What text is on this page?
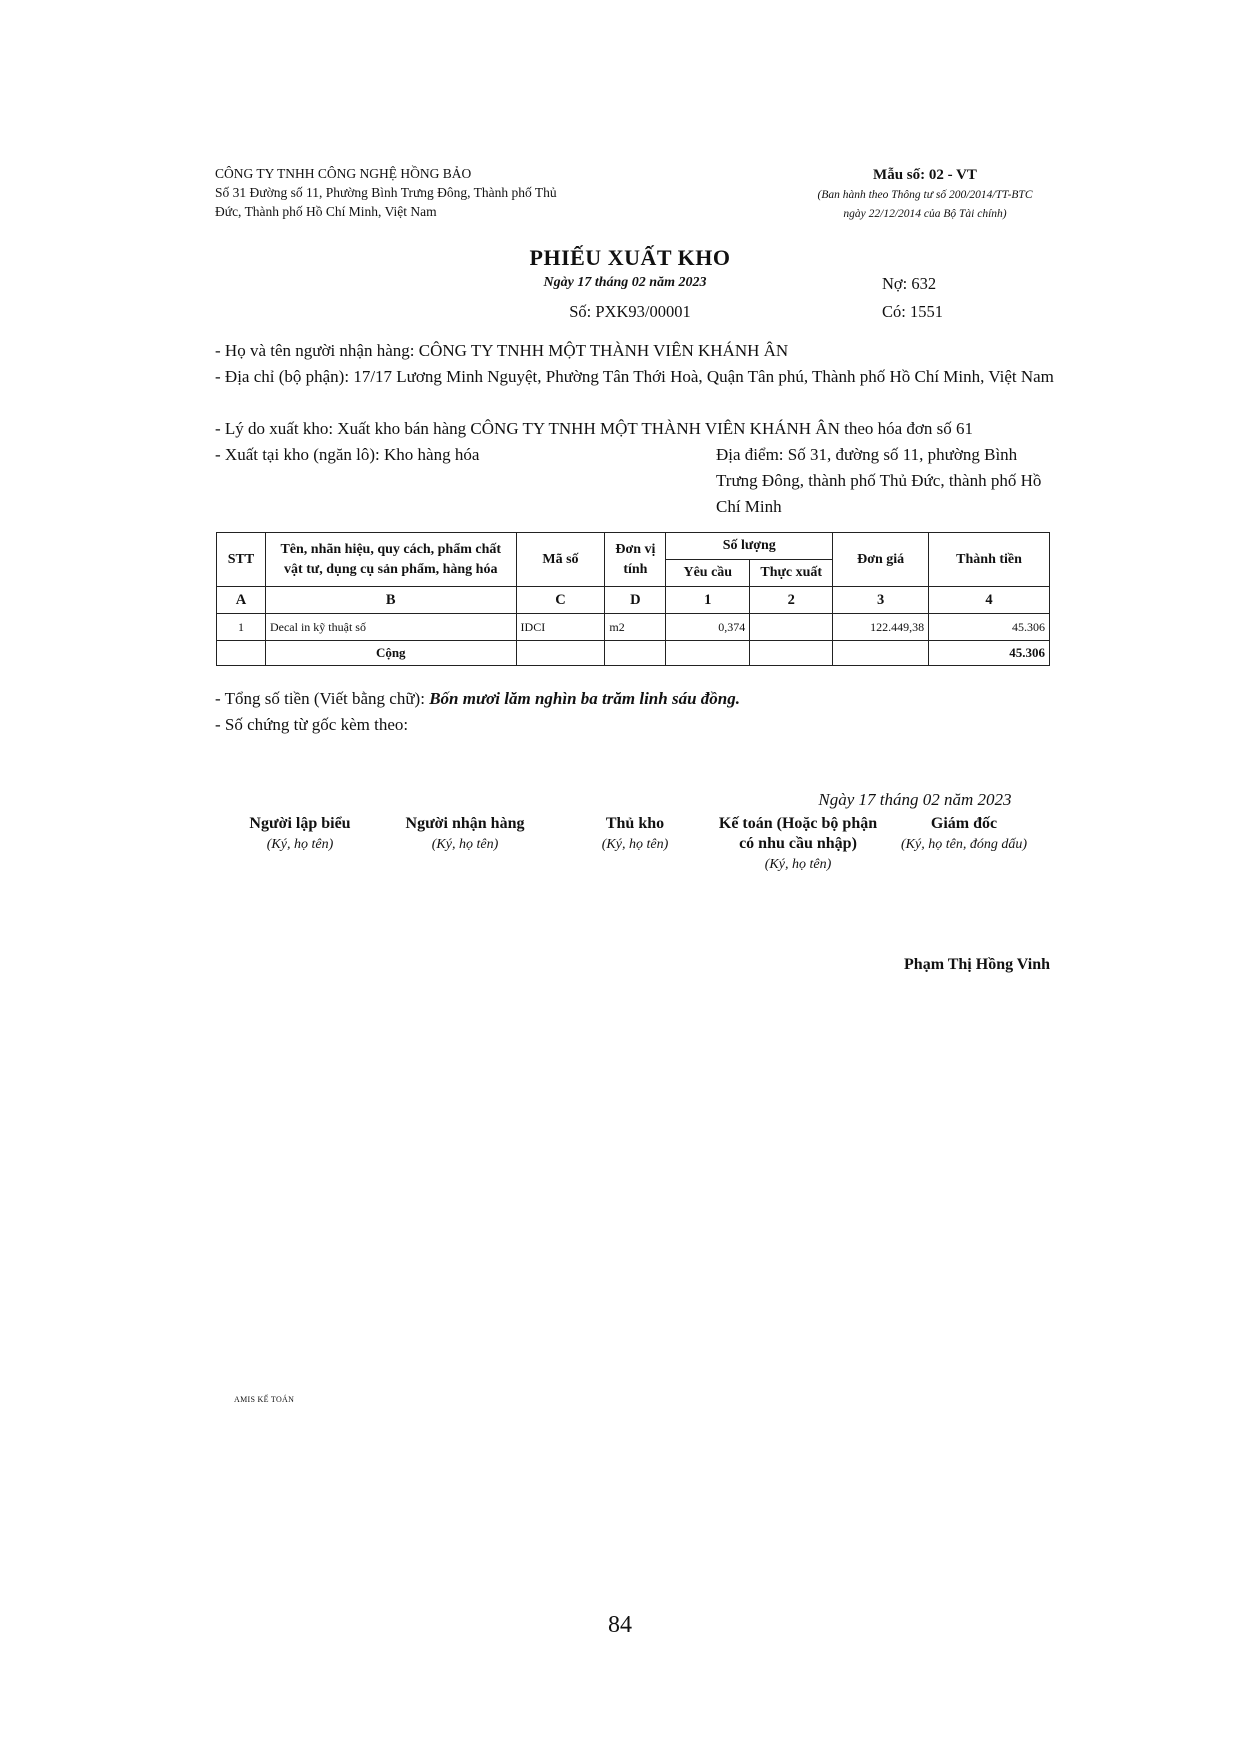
CÔNG TY TNHH CÔNG NGHỆ HỒNG BẢO
Số 31 Đường số 11, Phường Bình Trưng Đông, Thành phố Thủ
Đức, Thành phố Hồ Chí Minh, Việt Nam
Mẫu số: 02 - VT
(Ban hành theo Thông tư số 200/2014/TT-BTC
ngày 22/12/2014 của Bộ Tài chính)
PHIẾU XUẤT KHO
Ngày 17 tháng 02 năm 2023
Số: PXK93/00001
Nợ: 632
Có: 1551
- Họ và tên người nhận hàng: CÔNG TY TNHH MỘT THÀNH VIÊN KHÁNH ÂN
- Địa chỉ (bộ phận): 17/17 Lương Minh Nguyệt, Phường Tân Thới Hoà, Quận Tân phú, Thành phố Hồ Chí Minh, Việt Nam
- Lý do xuất kho: Xuất kho bán hàng CÔNG TY TNHH MỘT THÀNH VIÊN KHÁNH ÂN theo hóa đơn số 61
- Xuất tại kho (ngăn lô): Kho hàng hóa	Địa điểm: Số 31, đường số 11, phường Bình Trưng Đông, thành phố Thủ Đức, thành phố Hồ Chí Minh
STT	Tên, nhãn hiệu, quy cách, phẩm chất vật tư, dụng cụ sản phẩm, hàng hóa	Mã số	Đơn vị tính	Số lượng		Đơn giá	Thành tiền
				Yêu cầu	Thực xuất		
A	B	C	D	1	2	3	4
1	Decal in kỹ thuật số	IDCI	m2	0,374		122.449,38	45.306
	Cộng						45.306
- Tổng số tiền (Viết bằng chữ): Bốn mươi lăm nghìn ba trăm linh sáu đồng.
- Số chứng từ gốc kèm theo:
Ngày 17 tháng 02 năm 2023
Người lập biểu
(Ký, họ tên)
Người nhận hàng
(Ký, họ tên)
Thủ kho
(Ký, họ tên)
Kế toán (Hoặc bộ phận có nhu cầu nhập)
(Ký, họ tên)
Giám đốc
(Ký, họ tên, đóng dấu)
Phạm Thị Hồng Vinh
AMIS KẾ TOÁN
84
